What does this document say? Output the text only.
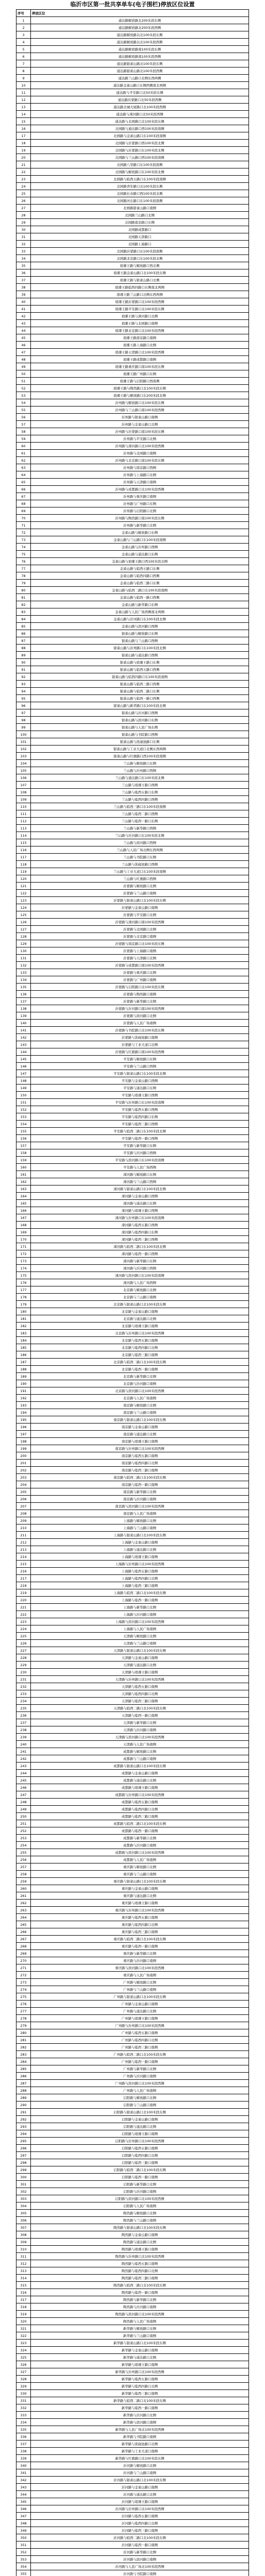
临沂市区第一批共享单车(电子围栏)停放区位设置
序号	停放区位
1	通达路解放路北200米段东侧
2	通达路解放路北200米段西侧
3	通达路解放路以北100米段东侧
4	通达路解放路以北100米段西侧
5	通达路解放路南100米段东侧
6	通达路解放路南100米段西侧
7	通达路银雀山路北100米段东侧
8	通达路银雀山路北100米段西侧
9	通达路兰山路口北侧东西两侧
10	通达路金雀山路口东侧西侧南北两侧
11	通达路与平安路口北50米段东侧
12	通达路沂蒙路口北50米段西侧
13	通达路北城大厦路口北100米段西侧
14	通达路与涑河路口北50米段西侧
15	通达路与北园路口北100米段东侧
16	北园路与通达路口西100米段南侧
17	北园路与金雀山路口东100米段南侧
18	北园路与沂蒙路口西100米段北侧
19	北园路与沂蒙路口东100米段北侧
20	北园路与兰山路口西100米段南侧
21	北园路八里路口东100米段南侧
22	北园路与解放路口东100米段北侧
23	北园路与临西五路口东100米段南侧
24	北园路青年路口北100米段东侧
25	北园路长春路口西100米段北侧
26	北园路河东路口东100米段南侧
27	北园路银雀山路口南侧
28	北园路兰山路口北侧
29	北园路南京路口东侧
30	北园路成都路口
31	北园路天津路口
32	北园路上海路口
33	北园路沂蒙路口东100米段南侧
34	北园路北京路口东100米段北侧
35	琅琊王路与解放路口西北侧
36	琅琊王路金雀山路口北100米段东侧
37	琅琊王路与银雀山路口北侧
38	琅琊王路临西四路口东侧南北两侧
39	琅琊王路兰山路口北侧东西两侧
40	琅琊王路沂蒙路口北100米段西侧
41	琅琊王路平安路口北100米段东侧
42	琅琊王路与涑河路口北侧
43	琅琊王路与北园路口南侧
44	琅琊王路北京路口北100米段西侧
45	琅琊王路南京路口南侧
46	琅琊王路上海路口北侧
47	琅琊王路天津路口北100米段西侧
48	琅琊王路成都路口南侧
49	琅琊王路重庆路口南100米段东侧
50	琅琊王路广州路口东侧
51	琅琊王路与启阳路口西南侧
52	琅琊王路与陶然路口北100米段东侧
53	琅琊王路与解放路口东200米段北侧
54	沂州路与解放路口北100米段东侧
55	沂州路与兰山路口南100米段西侧
56	沂州路与银雀山路口南侧
57	沂州路与金雀山路口北侧
58	沂州路与沂蒙路口南100米段东侧
59	沂州路与平安路口北侧
60	沂州路与涑河路口北100米段西侧
61	沂州路与北园路口南侧
62	沂州路与北京路口南100米段东侧
63	沂州路与南京路口西侧
64	沂州路与上海路口北侧
65	沂州路与天津路口南侧
66	沂州路与成都路口北100米段西侧
67	沂州路与重庆路口南侧
68	沂州路与广州路口东侧
69	沂州路与启阳路口北侧
70	沂州路与陶然路口南100米段东侧
71	沂州路与新华路口北侧
72	金雀山路与解放路口东侧
73	金雀山路与兰山路口东100米段南侧
74	金雀山路与沂州路口西侧
75	金雀山路与通达路口东侧
76	金雀山路与琅琊王路口西100米段北侧
77	金雀山路与临西五路口东侧
78	金雀山路与临西四路口西侧
79	金雀山路与临西三路口东侧
80	金雀山路与临西二路口东100米段南侧
81	金雀山路与临西一路口西侧
82	金雀山路与新华路口东侧
83	金雀山路与人民广场西侧南北两侧
84	金雀山路与沂河路口东100米段北侧
85	金雀山路与滨河路口西侧
86	银雀山路与解放路口东侧
87	银雀山路与兰山路口西侧
88	银雀山路与沂州路口东100米段北侧
89	银雀山路与通达路口西侧
90	银雀山路与琅琊王路口东侧
91	银雀山路与临西五路口西侧
92	银雀山路与临西四路口东100米段南侧
93	银雀山路与临西三路口西侧
94	银雀山路与临西二路口东侧
95	银雀山路与临西一路口西侧
96	银雀山路与新华路口东100米段北侧
97	银雀山路与沂河路口西侧
98	银雀山路与滨河路口东侧
99	银雀山路与人民广场东侧
100	银雀山路与书院路口西侧
101	银雀山路与洗砚池路口东侧
102	银雀山路与工业大道口北侧东西两侧
103	银雀山路与红旗路口西100米段南侧
104	兰山路与解放路口东侧
105	兰山路与沂州路口西侧
106	兰山路与通达路口东100米段北侧
107	兰山路与琅琊王路口西侧
108	兰山路与临西五路口东侧
109	兰山路与临西四路口西侧
110	兰山路与临西三路口东100米段南侧
111	兰山路与临西二路口西侧
112	兰山路与临西一路口东侧
113	兰山路与新华路口西侧
114	兰山路与沂河路口东100米段北侧
115	兰山路与滨河路口西侧
116	兰山路与人民广场北侧东西两侧
117	兰山路与书院路口东侧
118	兰山路与洗砚池路口西侧
119	兰山路与工业大道口东100米段南侧
120	兰山路与红旗路口西侧
121	沂蒙路与解放路口北侧
122	沂蒙路与兰山路口南侧
123	沂蒙路与银雀山路口北100米段东侧
124	沂蒙路与金雀山路口南侧
125	沂蒙路与平安路口北侧
126	沂蒙路与涑河路口南100米段西侧
127	沂蒙路与北园路口北侧
128	沂蒙路与北京路口南侧
129	沂蒙路与南京路口北100米段东侧
130	沂蒙路与上海路口南侧
131	沂蒙路与天津路口北侧
132	沂蒙路与成都路口南100米段西侧
133	沂蒙路与重庆路口北侧
134	沂蒙路与广州路口南侧
135	沂蒙路与启阳路口北100米段东侧
136	沂蒙路与陶然路口南侧
137	沂蒙路与新华路口北侧
138	沂蒙路与沂河路口南100米段西侧
139	沂蒙路与滨河路口北侧
140	沂蒙路与人民广场南侧
141	沂蒙路与书院路口北100米段东侧
142	沂蒙路与洗砚池路口南侧
143	沂蒙路与工业大道口北侧
144	沂蒙路与红旗路口南100米段西侧
145	平安路与解放路口东侧
146	平安路与兰山路口西侧
147	平安路与银雀山路口东100米段北侧
148	平安路与金雀山路口西侧
149	平安路与通达路口东侧
150	平安路与琅琊王路口西侧
151	平安路与沂州路口东100米段南侧
152	平安路与临西五路口西侧
153	平安路与临西四路口东侧
154	平安路与临西三路口西侧
155	平安路与临西二路口东100米段北侧
156	平安路与临西一路口西侧
157	平安路与新华路口东侧
158	平安路与沂河路口西侧
159	平安路与滨河路口东100米段南侧
160	平安路与人民广场西侧
161	涑河路与解放路口东侧
162	涑河路与兰山路口西侧
163	涑河路与银雀山路口东100米段北侧
164	涑河路与金雀山路口西侧
165	涑河路与通达路口东侧
166	涑河路与琅琊王路口西侧
167	涑河路与沂州路口东100米段南侧
168	涑河路与临西五路口西侧
169	涑河路与临西四路口东侧
170	涑河路与临西三路口西侧
171	涑河路与临西二路口东100米段北侧
172	涑河路与临西一路口西侧
173	涑河路与新华路口东侧
174	涑河路与沂河路口西侧
175	涑河路与滨河路口东100米段南侧
176	涑河路与人民广场西侧
177	北京路与解放路口北侧
178	北京路与兰山路口南侧
179	北京路与银雀山路口北100米段东侧
180	北京路与金雀山路口南侧
181	北京路与通达路口北侧
182	北京路与琅琊王路口南侧
183	北京路与沂州路口北100米段西侧
184	北京路与临西五路口南侧
185	北京路与临西四路口北侧
186	北京路与临西三路口南侧
187	北京路与临西二路口北100米段东侧
188	北京路与临西一路口南侧
189	北京路与新华路口北侧
190	北京路与沂河路口南侧
191	北京路与滨河路口北100米段西侧
192	北京路与人民广场南侧
193	南京路与解放路口北侧
194	南京路与兰山路口南侧
195	南京路与银雀山路口北100米段东侧
196	南京路与金雀山路口南侧
197	南京路与通达路口北侧
198	南京路与琅琊王路口南侧
199	南京路与沂州路口北100米段西侧
200	南京路与临西五路口南侧
201	南京路与临西四路口北侧
202	南京路与临西三路口南侧
203	南京路与临西二路口北100米段东侧
204	南京路与临西一路口南侧
205	南京路与新华路口北侧
206	南京路与沂河路口南侧
207	南京路与滨河路口北100米段西侧
208	南京路与人民广场南侧
209	上海路与解放路口北侧
210	上海路与兰山路口南侧
211	上海路与银雀山路口北100米段东侧
212	上海路与金雀山路口南侧
213	上海路与通达路口北侧
214	上海路与琅琊王路口南侧
215	上海路与沂州路口北100米段西侧
216	上海路与临西五路口南侧
217	上海路与临西四路口北侧
218	上海路与临西三路口南侧
219	上海路与临西二路口北100米段东侧
220	上海路与临西一路口南侧
221	上海路与新华路口北侧
222	上海路与沂河路口南侧
223	上海路与滨河路口北100米段西侧
224	上海路与人民广场南侧
225	天津路与解放路口北侧
226	天津路与兰山路口南侧
227	天津路与银雀山路口北100米段东侧
228	天津路与金雀山路口南侧
229	天津路与通达路口北侧
230	天津路与琅琊王路口南侧
231	天津路与沂州路口北100米段西侧
232	天津路与临西五路口南侧
233	天津路与临西四路口北侧
234	天津路与临西三路口南侧
235	天津路与临西二路口北100米段东侧
236	天津路与临西一路口南侧
237	天津路与新华路口北侧
238	天津路与沂河路口南侧
239	天津路与滨河路口北100米段西侧
240	天津路与人民广场南侧
241	成都路与解放路口北侧
242	成都路与兰山路口南侧
243	成都路与银雀山路口北100米段东侧
244	成都路与金雀山路口南侧
245	成都路与通达路口北侧
246	成都路与琅琊王路口南侧
247	成都路与沂州路口北100米段西侧
248	成都路与临西五路口南侧
249	成都路与临西四路口北侧
250	成都路与临西三路口南侧
251	成都路与临西二路口北100米段东侧
252	成都路与临西一路口南侧
253	成都路与新华路口北侧
254	成都路与沂河路口南侧
255	成都路与滨河路口北100米段西侧
256	成都路与人民广场南侧
257	重庆路与解放路口北侧
258	重庆路与兰山路口南侧
259	重庆路与银雀山路口北100米段东侧
260	重庆路与金雀山路口南侧
261	重庆路与通达路口北侧
262	重庆路与琅琊王路口南侧
263	重庆路与沂州路口北100米段西侧
264	重庆路与临西五路口南侧
265	重庆路与临西四路口北侧
266	重庆路与临西三路口南侧
267	重庆路与临西二路口北100米段东侧
268	重庆路与临西一路口南侧
269	重庆路与新华路口北侧
270	重庆路与沂河路口南侧
271	重庆路与滨河路口北100米段西侧
272	重庆路与人民广场南侧
273	广州路与解放路口北侧
274	广州路与兰山路口南侧
275	广州路与银雀山路口北100米段东侧
276	广州路与金雀山路口南侧
277	广州路与通达路口北侧
278	广州路与琅琊王路口南侧
279	广州路与沂州路口北100米段西侧
280	广州路与临西五路口南侧
281	广州路与临西四路口北侧
282	广州路与临西三路口南侧
283	广州路与临西二路口北100米段东侧
284	广州路与临西一路口南侧
285	广州路与新华路口北侧
286	广州路与沂河路口南侧
287	广州路与滨河路口北100米段西侧
288	广州路与人民广场南侧
289	启阳路与解放路口北侧
290	启阳路与兰山路口南侧
291	启阳路与银雀山路口北100米段东侧
292	启阳路与金雀山路口南侧
293	启阳路与通达路口北侧
294	启阳路与琅琊王路口南侧
295	启阳路与沂州路口北100米段西侧
296	启阳路与临西五路口南侧
297	启阳路与临西四路口北侧
298	启阳路与临西三路口南侧
299	启阳路与临西二路口北100米段东侧
300	启阳路与临西一路口南侧
301	启阳路与新华路口北侧
302	启阳路与沂河路口南侧
303	启阳路与滨河路口北100米段西侧
304	启阳路与人民广场南侧
305	陶然路与解放路口北侧
306	陶然路与兰山路口南侧
307	陶然路与银雀山路口北100米段东侧
308	陶然路与金雀山路口南侧
309	陶然路与通达路口北侧
310	陶然路与琅琊王路口南侧
311	陶然路与沂州路口北100米段西侧
312	陶然路与临西五路口南侧
313	陶然路与临西四路口北侧
314	陶然路与临西三路口南侧
315	陶然路与临西二路口北100米段东侧
316	陶然路与临西一路口南侧
317	陶然路与新华路口北侧
318	陶然路与沂河路口南侧
319	陶然路与滨河路口北100米段西侧
320	陶然路与人民广场南侧
321	新华路与解放路口北侧
322	新华路与兰山路口南侧
323	新华路与银雀山路口北100米段东侧
324	新华路与金雀山路口南侧
325	新华路与通达路口北侧
326	新华路与琅琊王路口南侧
327	新华路与沂州路口北100米段西侧
328	新华路与临西五路口南侧
329	新华路与临西四路口北侧
330	新华路与临西三路口南侧
331	新华路与临西二路口北100米段东侧
332	新华路与临西一路口南侧
333	新华路与沂河路口北侧
334	新华路与滨河路口南侧
335	新华路与人民广场北100米段西侧
336	新华路与书院路口南侧
337	新华路与洗砚池路口北侧
338	新华路与工业大道口南侧
339	新华路与红旗路口北100米段东侧
340	沂河路与解放路口北侧
341	沂河路与兰山路口南侧
342	沂河路与银雀山路口北100米段东侧
343	沂河路与金雀山路口南侧
344	沂河路与通达路口北侧
345	沂河路与琅琊王路口南侧
346	沂河路与沂州路口北100米段西侧
347	沂河路与临西五路口南侧
348	沂河路与临西四路口北侧
349	沂河路与临西三路口南侧
350	沂河路与临西二路口北100米段东侧
351	沂河路与临西一路口南侧
352	沂河路与新华路口北侧
353	沂河路与滨河路口南侧
354	沂河路与人民广场北100米段西侧
355	沂河路与书院路口南侧
